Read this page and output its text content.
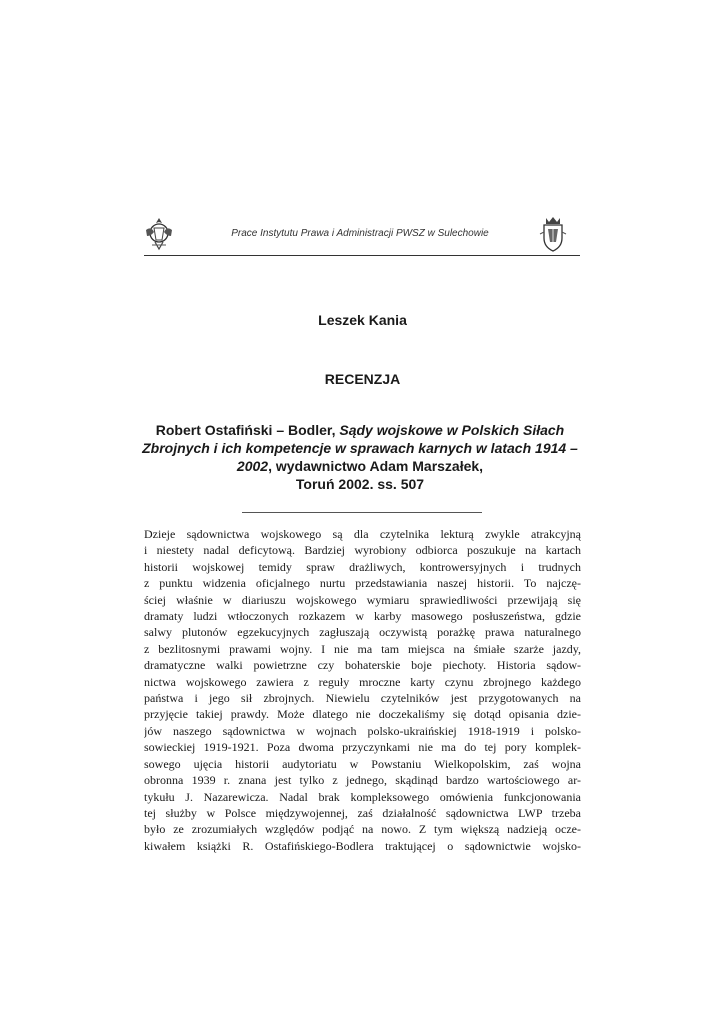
Prace Instytutu Prawa i Administracji PWSZ w Sulechowie
Leszek Kania
RECENZJA
Robert Ostafiński – Bodler, Sądy wojskowe w Polskich Siłach Zbrojnych i ich kompetencje w sprawach karnych w latach 1914 – 2002, wydawnictwo Adam Marszałek,
Toruń 2002. ss. 507
Dzieje sądownictwa wojskowego są dla czytelnika lekturą zwykle atrakcyjną
i niestety nadal deficytową. Bardziej wyrobiony odbiorca poszukuje na kartach
historii wojskowej temidy spraw drażliwych, kontrowersyjnych i trudnych
z punktu widzenia oficjalnego nurtu przedstawiania naszej historii. To najczę-
ściej właśnie w diariuszu wojskowego wymiaru sprawiedliwości przewijają się
dramaty ludzi wtłoczonych rozkazem w karby masowego posłuszeństwa, gdzie
salwy plutonów egzekucyjnych zagłuszają oczywistą porażkę prawa naturalnego
z bezlitosnymi prawami wojny. I nie ma tam miejsca na śmiałe szarże jazdy,
dramatyczne walki powietrzne czy bohaterskie boje piechoty. Historia sądow-
nictwa wojskowego zawiera z reguły mroczne karty czynu zbrojnego każdego
państwa i jego sił zbrojnych. Niewielu czytelników jest przygotowanych na
przyjęcie takiej prawdy. Może dlatego nie doczekaliśmy się dotąd opisania dzie-
jów naszego sądownictwa w wojnach polsko-ukraińskiej 1918-1919 i polsko-
sowieckiej 1919-1921. Poza dwoma przyczynkami nie ma do tej pory komplek-
sowego ujęcia historii audytoriatu w Powstaniu Wielkopolskim, zaś wojna
obronna 1939 r. znana jest tylko z jednego, skądinąd bardzo wartościowego ar-
tykułu J. Nazarewicza. Nadal brak kompleksowego omówienia funkcjonowania
tej służby w Polsce międzywojennej, zaś działalność sądownictwa LWP trzeba
było ze zrozumiałych względów podjąć na nowo. Z tym większą nadzieją ocze-
kiwałem książki R. Ostafińskiego-Bodlera traktującej o sądownictwie wojsko-
